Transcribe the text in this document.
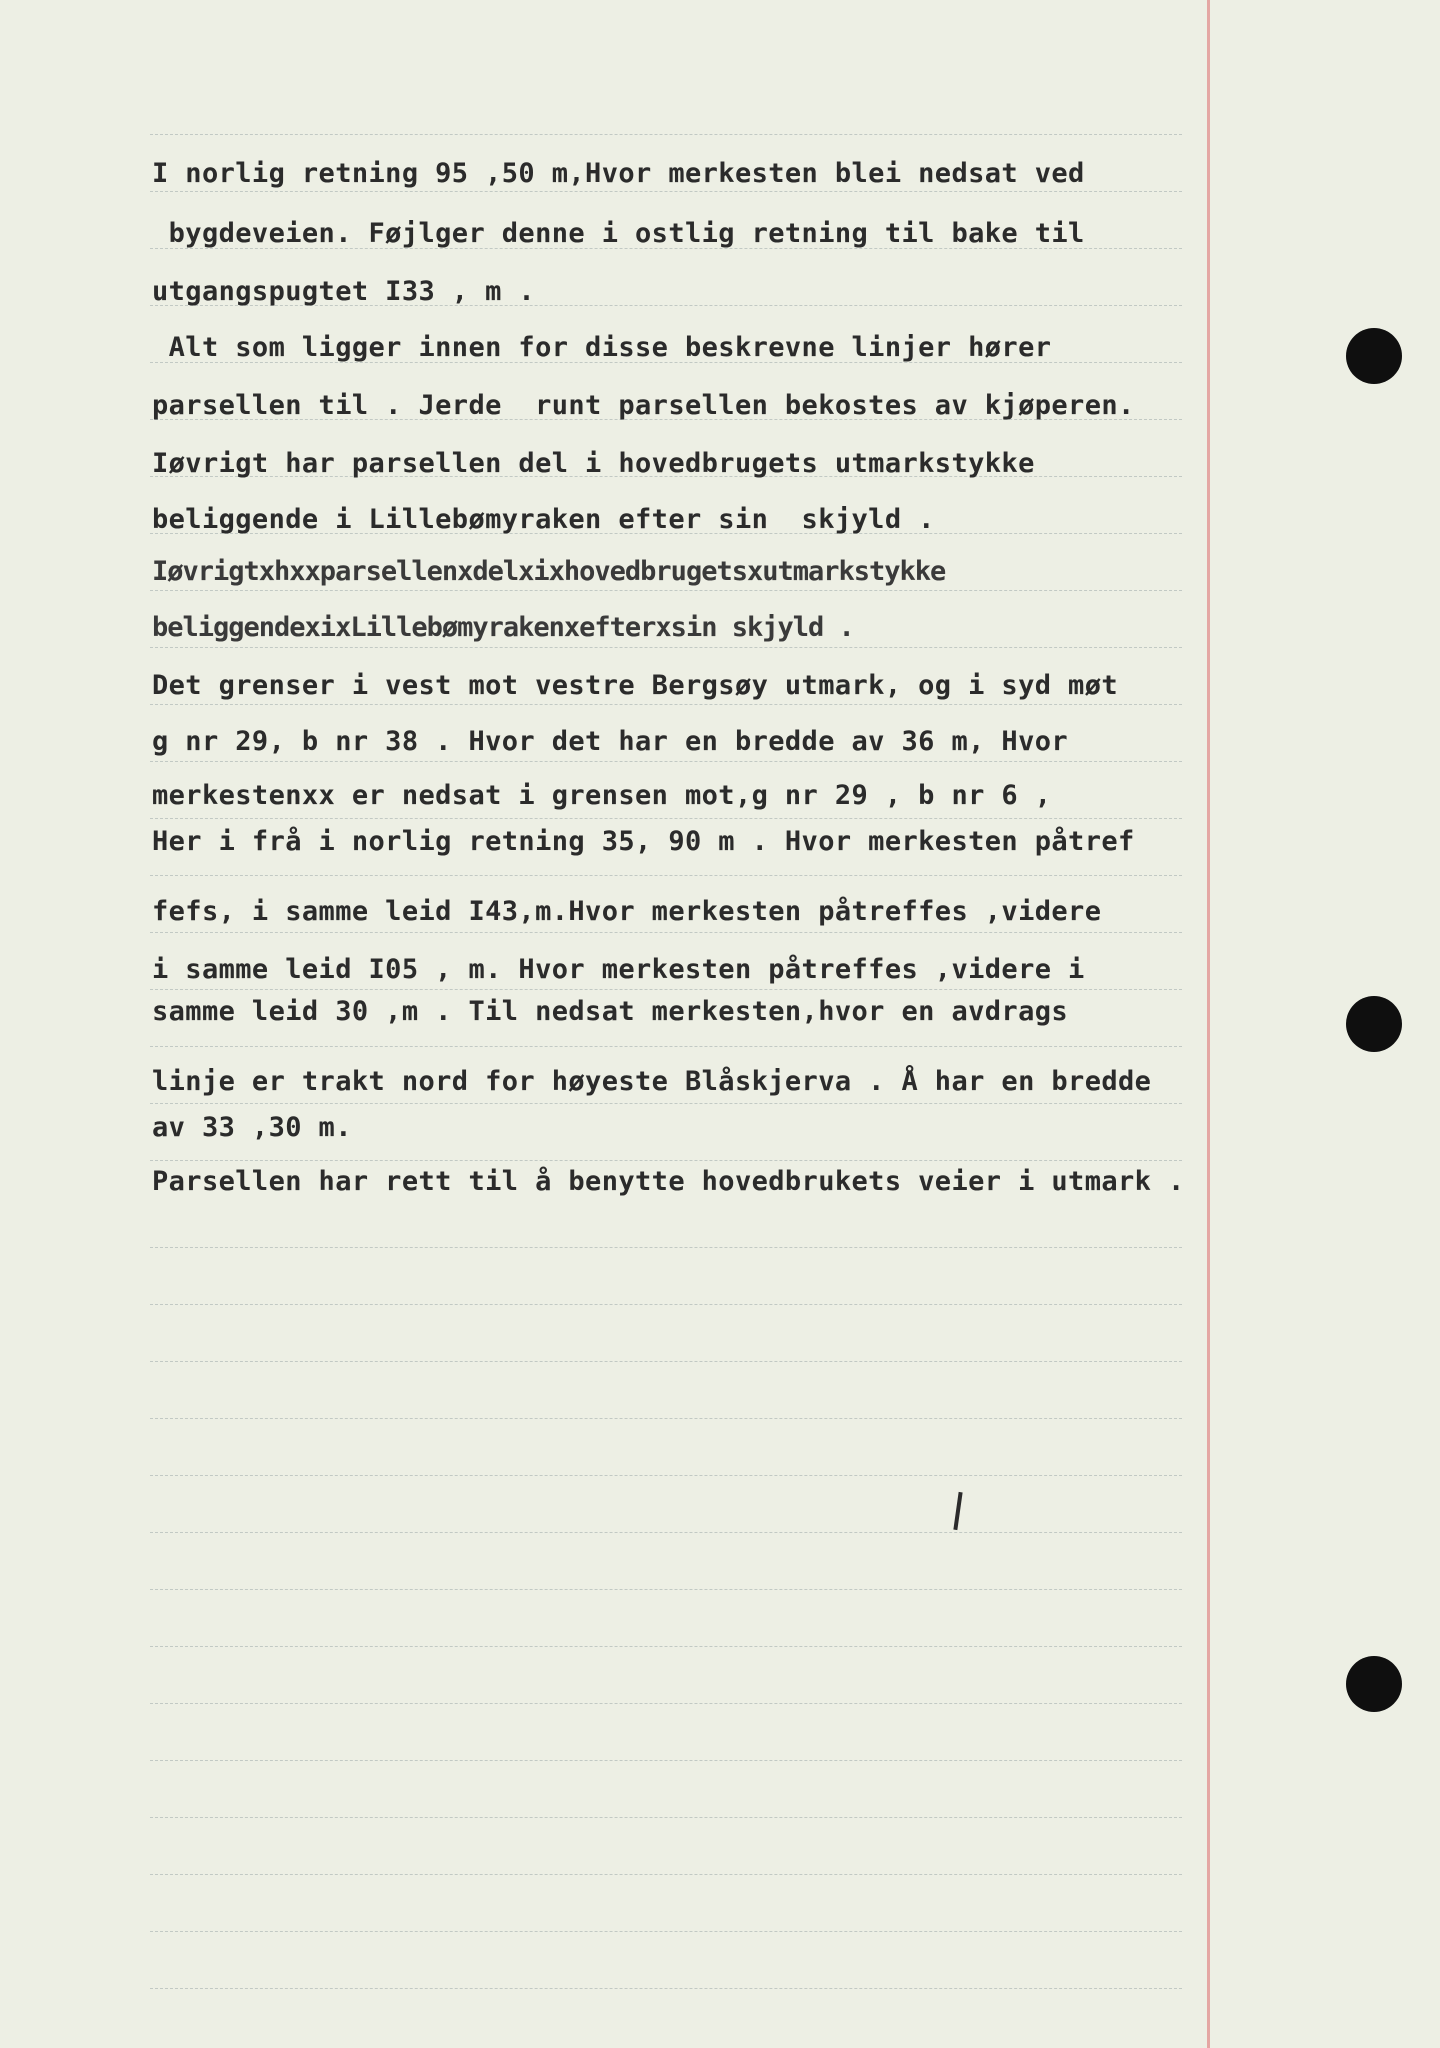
I norlig retning 95 ,50 m,Hvor merkesten blei nedsat ved
bygdeveien. Føjlger denne i ostlig retning til bake til
utgangspugtet I33 , m .
Alt som ligger innen for disse beskrevne linjer hører
parsellen til . Jerde  runt parsellen bekostes av kjøperen.
Iøvrigt har parsellen del i hovedbrugets utmarkstykke
beliggende i Lillebømyraken efter sin  skjyld .
Iøvrigtxhxxparsellenxdelxixhovedbrugetsxutmarkstykke
beliggendexixLillebømyrakenxefterxsin skjyld .
Det grenser i vest mot vestre Bergsøy utmark, og i syd møt
g nr 29, b nr 38 . Hvor det har en bredde av 36 m, Hvor
merkestenxx er nedsat i grensen mot,g nr 29 , b nr 6 ,
Her i frå i norlig retning 35, 90 m . Hvor merkesten påtref
fefs, i samme leid I43,m.Hvor merkesten påtreffes ,videre
i samme leid I05 , m. Hvor merkesten påtreffes ,videre i
samme leid 30 ,m . Til nedsat merkesten,hvor en avdrags
linje er trakt nord for høyeste Blåskjerva . Å har en bredde
av 33 ,30 m.
Parsellen har rett til å benytte hovedbrukets veier i utmark .
